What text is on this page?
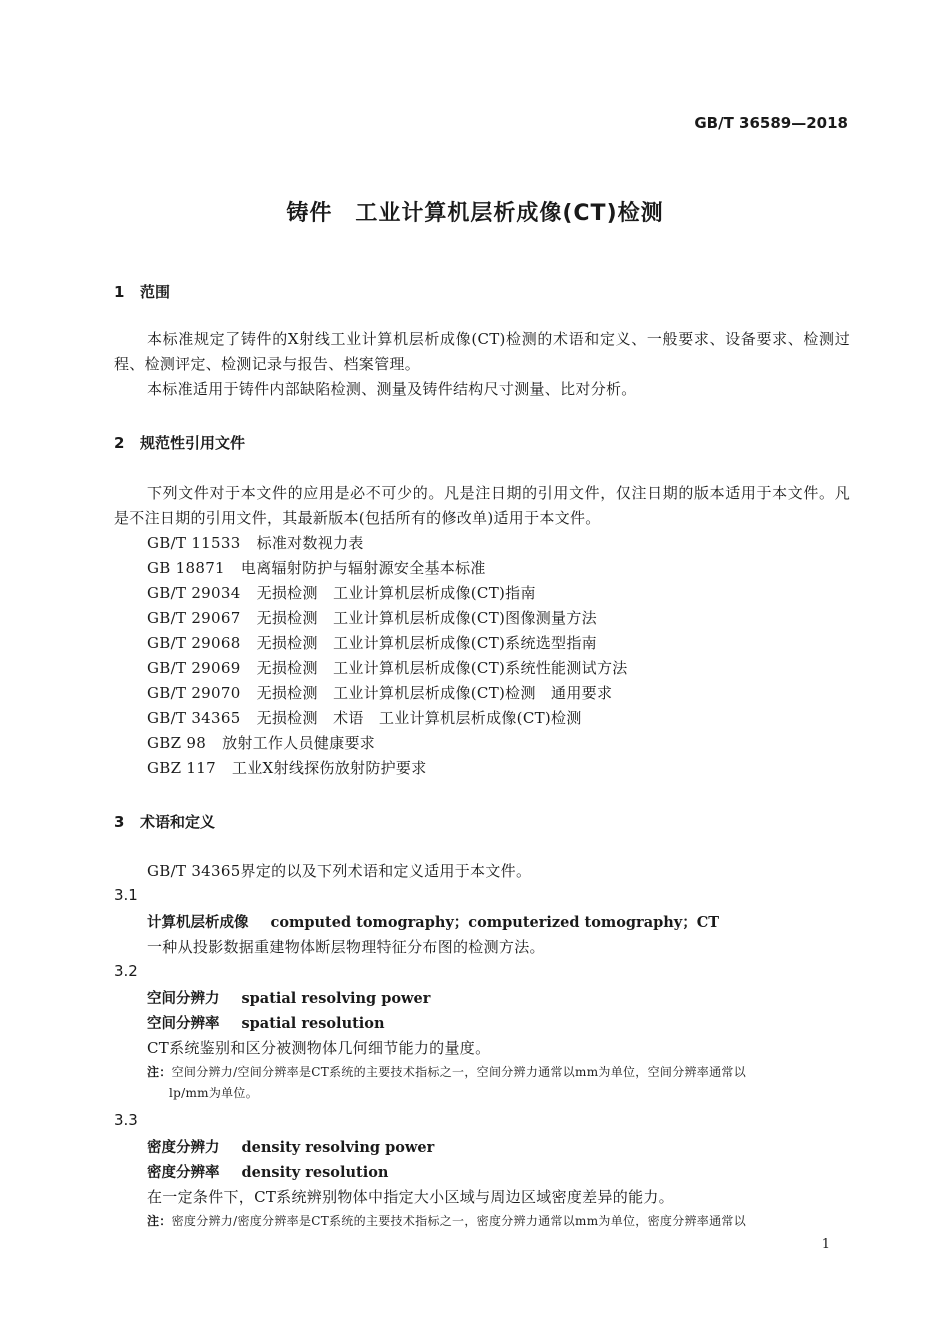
GB/T 36589—2018
铸件　工业计算机层析成像(CT)检测
1 范围
本标准规定了铸件的X射线工业计算机层析成像(CT)检测的术语和定义、一般要求、设备要求、检测过程、检测评定、检测记录与报告、档案管理。
本标准适用于铸件内部缺陷检测、测量及铸件结构尺寸测量、比对分析。
2 规范性引用文件
下列文件对于本文件的应用是必不可少的。凡是注日期的引用文件，仅注日期的版本适用于本文件。凡是不注日期的引用文件，其最新版本(包括所有的修改单)适用于本文件。
GB/T 11533 标准对数视力表
GB 18871 电离辐射防护与辐射源安全基本标准
GB/T 29034 无损检测　工业计算机层析成像(CT)指南
GB/T 29067 无损检测　工业计算机层析成像(CT)图像测量方法
GB/T 29068 无损检测　工业计算机层析成像(CT)系统选型指南
GB/T 29069 无损检测　工业计算机层析成像(CT)系统性能测试方法
GB/T 29070 无损检测　工业计算机层析成像(CT)检测　通用要求
GB/T 34365 无损检测　术语　工业计算机层析成像(CT)检测
GBZ 98 放射工作人员健康要求
GBZ 117 工业X射线探伤放射防护要求
3 术语和定义
GB/T 34365界定的以及下列术语和定义适用于本文件。
3.1
计算机层析成像 computed tomography；computerized tomography；CT
一种从投影数据重建物体断层物理特征分布图的检测方法。
3.2
空间分辨力 spatial resolving power
空间分辨率 spatial resolution
CT系统鉴别和区分被测物体几何细节能力的量度。
注：空间分辨力/空间分辨率是CT系统的主要技术指标之一，空间分辨力通常以mm为单位，空间分辨率通常以
lp/mm为单位。
3.3
密度分辨力 density resolving power
密度分辨率 density resolution
在一定条件下，CT系统辨别物体中指定大小区域与周边区域密度差异的能力。
注：密度分辨力/密度分辨率是CT系统的主要技术指标之一，密度分辨力通常以mm为单位，密度分辨率通常以
1
